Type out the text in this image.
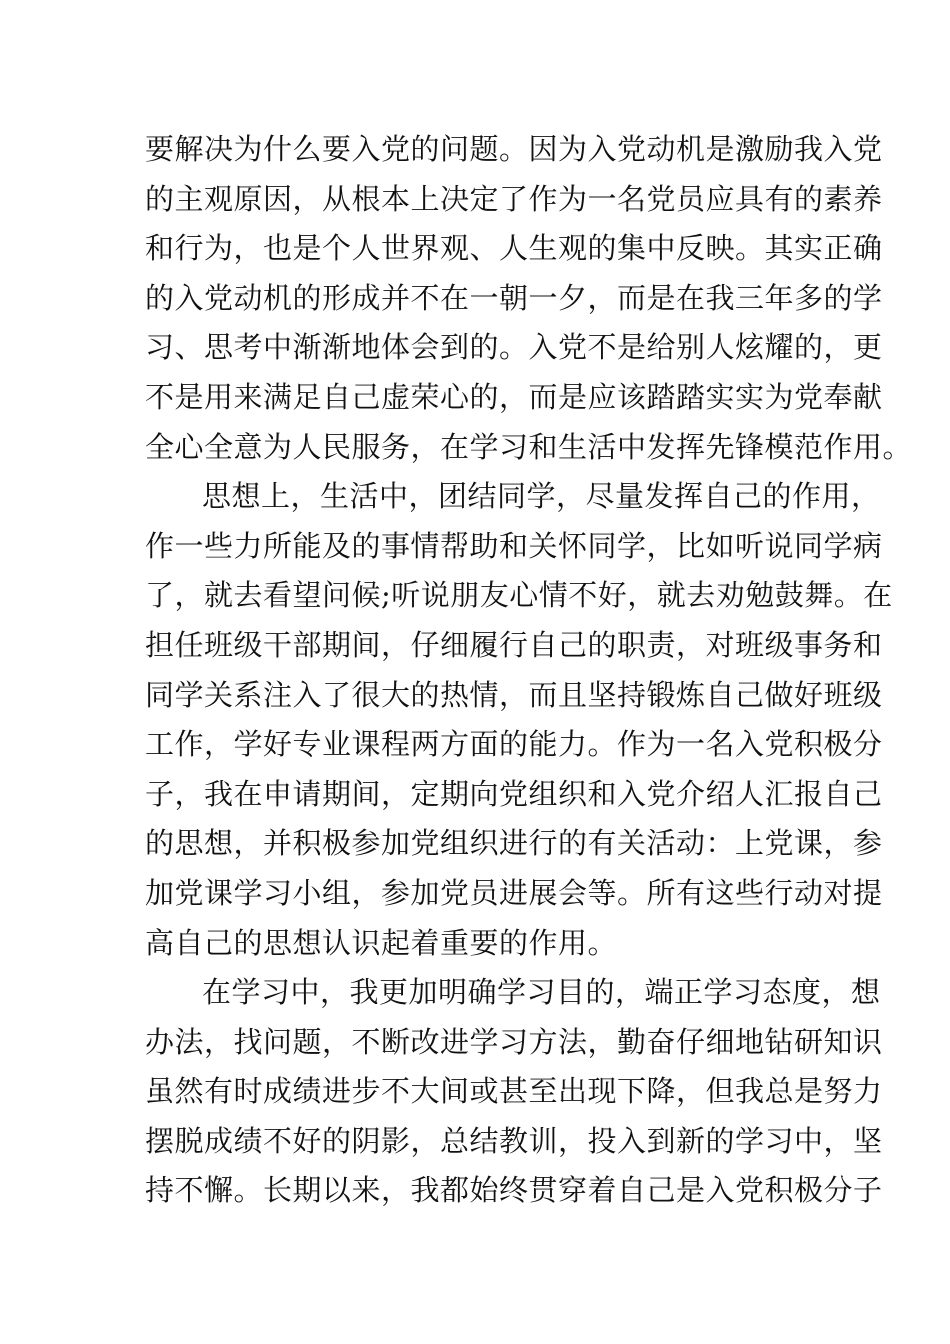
要解决为什么要入党的问题。因为入党动机是激励我入党
的主观原因，从根本上决定了作为一名党员应具有的素养
和行为，也是个人世界观、人生观的集中反映。其实正确
的入党动机的形成并不在一朝一夕，而是在我三年多的学
习、思考中渐渐地体会到的。入党不是给别人炫耀的，更
不是用来满足自己虚荣心的，而是应该踏踏实实为党奉献
全心全意为人民服务，在学习和生活中发挥先锋模范作用。
思想上，生活中，团结同学，尽量发挥自己的作用，
作一些力所能及的事情帮助和关怀同学，比如听说同学病
了，就去看望问候;听说朋友心情不好，就去劝勉鼓舞。在
担任班级干部期间，仔细履行自己的职责，对班级事务和
同学关系注入了很大的热情，而且坚持锻炼自己做好班级
工作，学好专业课程两方面的能力。作为一名入党积极分
子，我在申请期间，定期向党组织和入党介绍人汇报自己
的思想，并积极参加党组织进行的有关活动：上党课，参
加党课学习小组，参加党员进展会等。所有这些行动对提
高自己的思想认识起着重要的作用。
在学习中，我更加明确学习目的，端正学习态度，想
办法，找问题，不断改进学习方法，勤奋仔细地钻研知识
虽然有时成绩进步不大间或甚至出现下降，但我总是努力
摆脱成绩不好的阴影，总结教训，投入到新的学习中，坚
持不懈。长期以来，我都始终贯穿着自己是入党积极分子
